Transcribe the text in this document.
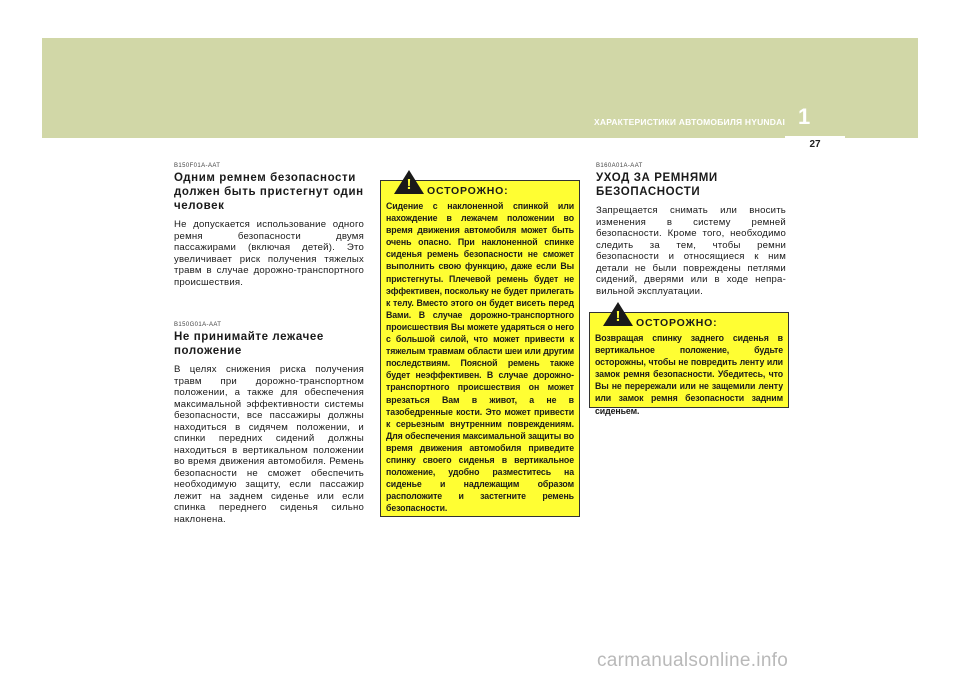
ХАРАКТЕРИСТИКИ АВТОМОБИЛЯ HYUNDAI 1
27
B150F01A-AAT
Одним ремнем безопасности
должен быть пристегнут один
человек

Не допускается использование одного ремня безопасности двумя пассажирами (включая детей). Это увеличивает риск получения тяжелых травм в случае дорожно-транспортного происшествия.

B150G01A-AAT
Не принимайте лежачее
положение

В целях снижения риска получения травм при дорожно-транспортном положении, а также для обеспечения максимальной эффективности системы безопасности, все пассажиры должны находиться в сидячем положении, и спинки передних сидений должны находиться в вертикальном положении во время движения автомобиля. Ремень безопасности не сможет обеспечить необходимую защиту, если пассажир лежит на заднем сиденье или если спинка переднего сиденья сильно наклонена.

!	ОСТОРОЖНО:

Сидение с наклоненной спинкой или нахождение в лежачем положении во время движения автомобиля может быть очень опасно. При наклоненной спинке сиденья ремень безопасности не сможет выполнить свою функцию, даже если Вы пристегнуты. Плечевой ремень будет не эффективен, поскольку не будет прилегать к телу. Вместо этого он будет висеть перед Вами. В случае дорожно-транспортного происшествия Вы можете ударяться о него с большой силой, что может привести к тяжелым травмам области шеи или другим последствиям. Поясной ремень также будет неэффективен. В случае дорожно-транспортного происшествия он может врезаться Вам в живот, а не в тазобедренные кости. Это может привести к серьезным внутренним повреждениям. Для обеспечения максимальной защиты во время движения автомобиля приведите спинку своего сиденья в вертикальное положение, удобно разместитесь на сиденье и надлежащим образом расположите и застегните ремень безопасности.

B160A01A-AAT
УХОД ЗА РЕМНЯМИ БЕЗОПАСНОСТИ

Запрещается снимать или вносить изменения в систему ремней безопасности. Кроме того, необходимо следить за тем, чтобы ремни безопасности и относящиеся к ним детали не были повреждены петлями сидений, дверями или в ходе непра-вильной эксплуатации.

!	ОСТОРОЖНО:

Возвращая спинку заднего сиденья в вертикальное положение, будьте осторожны, чтобы не повредить ленту или замок ремня безопасности. Убедитесь, что Вы не перережали или не защемили ленту или замок ремня безопасности задним сиденьем.

carmanualsonline.info
